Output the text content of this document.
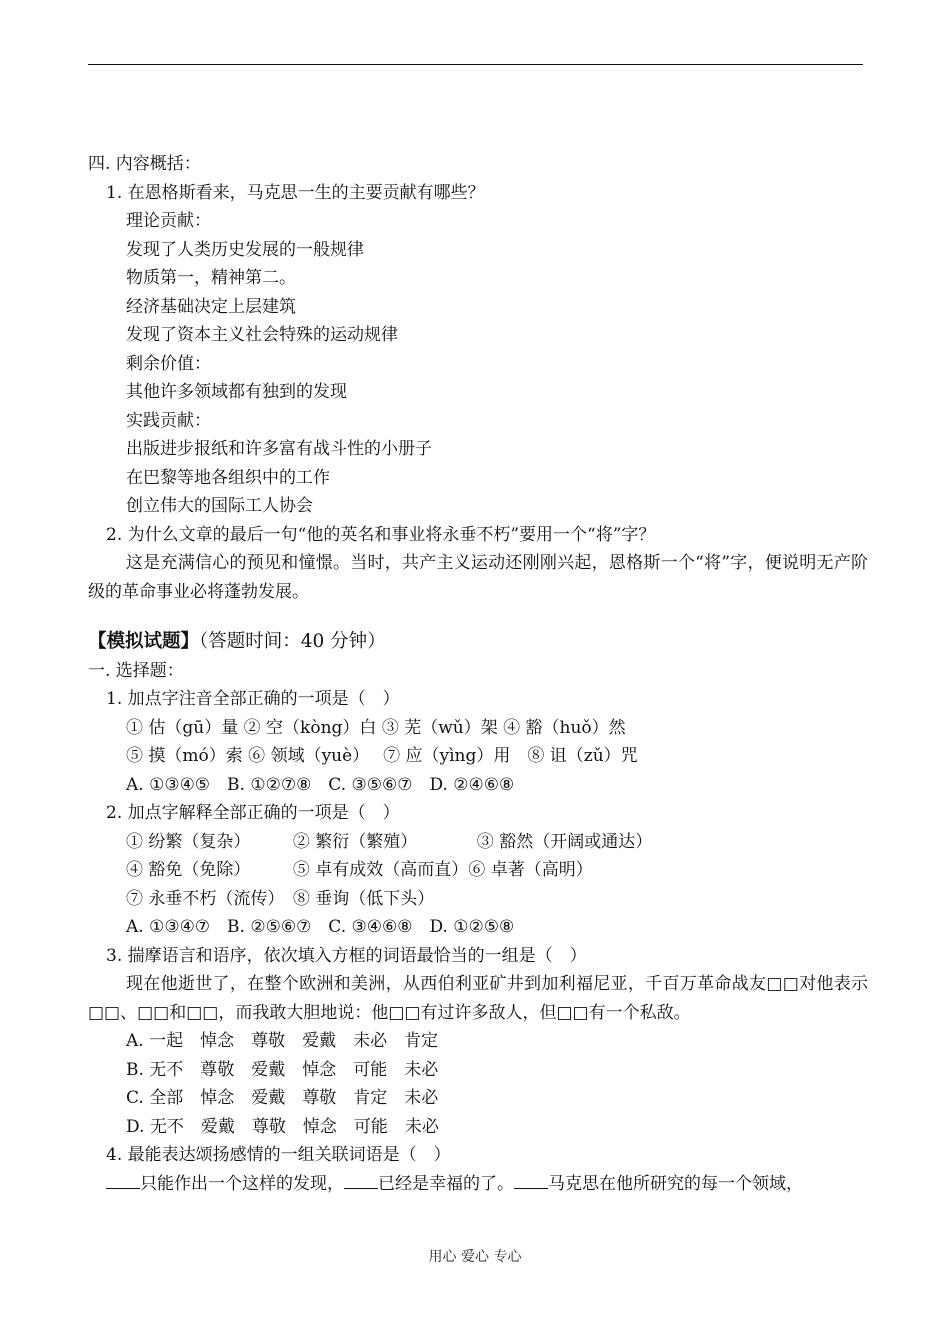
四. 内容概括：
1. 在恩格斯看来，马克思一生的主要贡献有哪些？
理论贡献：
发现了人类历史发展的一般规律
物质第一，精神第二。
经济基础决定上层建筑
发现了资本主义社会特殊的运动规律
剩余价值：
其他许多领域都有独到的发现
实践贡献：
出版进步报纸和许多富有战斗性的小册子
在巴黎等地各组织中的工作
创立伟大的国际工人协会
2. 为什么文章的最后一句“他的英名和事业将永垂不朽”要用一个“将”字？
这是充满信心的预见和憧憬。当时，共产主义运动还刚刚兴起，恩格斯一个“将”字，便说明无产阶级的革命事业必将蓬勃发展。
【模拟试题】（答题时间：40 分钟）
一. 选择题：
1. 加点字注音全部正确的一项是（　）
① 估（gū）量 ② 空（kòng）白 ③ 芜（wǔ）架 ④ 豁（huǒ）然
⑤ 摸（mó）索 ⑥ 领域（yuè）　 ⑦ 应（yìng）用　⑧ 诅（zǔ）咒
A. ①③④⑤　B. ①②⑦⑧　C. ③⑤⑥⑦　D. ②④⑥⑧
2. 加点字解释全部正确的一项是（　）
① 纷繁（复杂）　　　② 繁衍（繁殖）　　　　③ 豁然（开阔或通达）
④ 豁免（免除）　　　⑤ 卓有成效（高而直）⑥ 卓著（高明）
⑦ 永垂不朽（流传）　⑧ 垂询（低下头）
A. ①③④⑦　B. ②⑤⑥⑦　C. ③④⑥⑧　D. ①②⑤⑧
3. 揣摩语言和语序，依次填入方框的词语最恰当的一组是（　）
现在他逝世了，在整个欧洲和美洲，从西伯利亚矿井到加利福尼亚，千百万革命战友□□对他表示□□、□□和□□，而我敢大胆地说：他□□有过许多敌人，但□□有一个私敌。
A. 一起　悼念　尊敬　爱戴　未必　肯定
B. 无不　尊敬　爱戴　悼念　可能　未必
C. 全部　悼念　爱戴　尊敬　肯定　未必
D. 无不　爱戴　尊敬　悼念　可能　未必
4. 最能表达颂扬感情的一组关联词语是（　）
只能作出一个这样的发现， 已经是幸福的了。 马克思在他所研究的每一个领域，
用心 爱心 专心
